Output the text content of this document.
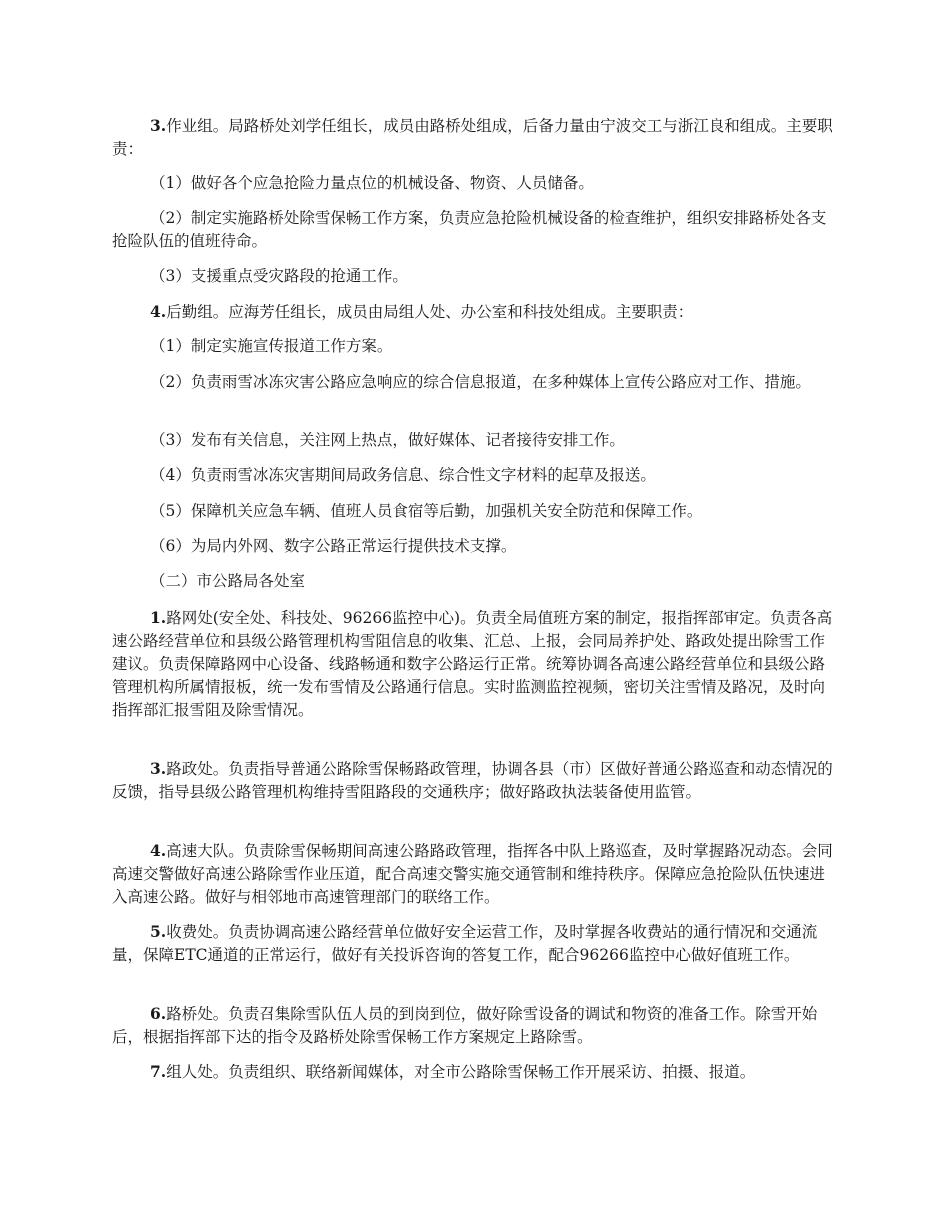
3.作业组。局路桥处刘学任组长，成员由路桥处组成，后备力量由宁波交工与浙江良和组成。主要职责：

（1）做好各个应急抢险力量点位的机械设备、物资、人员储备。

（2）制定实施路桥处除雪保畅工作方案，负责应急抢险机械设备的检查维护，组织安排路桥处各支抢险队伍的值班待命。

（3）支援重点受灾路段的抢通工作。

4.后勤组。应海芳任组长，成员由局组人处、办公室和科技处组成。主要职责：

（1）制定实施宣传报道工作方案。

（2）负责雨雪冰冻灾害公路应急响应的综合信息报道，在多种媒体上宣传公路应对工作、措施。

（3）发布有关信息，关注网上热点，做好媒体、记者接待安排工作。

（4）负责雨雪冰冻灾害期间局政务信息、综合性文字材料的起草及报送。

（5）保障机关应急车辆、值班人员食宿等后勤，加强机关安全防范和保障工作。

（6）为局内外网、数字公路正常运行提供技术支撑。

（二）市公路局各处室

1.路网处(安全处、科技处、96266监控中心)。负责全局值班方案的制定，报指挥部审定。负责各高速公路经营单位和县级公路管理机构雪阻信息的收集、汇总、上报，会同局养护处、路政处提出除雪工作建议。负责保障路网中心设备、线路畅通和数字公路运行正常。统筹协调各高速公路经营单位和县级公路管理机构所属情报板，统一发布雪情及公路通行信息。实时监测监控视频，密切关注雪情及路况，及时向指挥部汇报雪阻及除雪情况。

3.路政处。负责指导普通公路除雪保畅路政管理，协调各县（市）区做好普通公路巡查和动态情况的反馈，指导县级公路管理机构维持雪阻路段的交通秩序；做好路政执法装备使用监管。

4.高速大队。负责除雪保畅期间高速公路路政管理，指挥各中队上路巡查，及时掌握路况动态。会同高速交警做好高速公路除雪作业压道，配合高速交警实施交通管制和维持秩序。保障应急抢险队伍快速进入高速公路。做好与相邻地市高速管理部门的联络工作。

5.收费处。负责协调高速公路经营单位做好安全运营工作，及时掌握各收费站的通行情况和交通流量，保障ETC通道的正常运行，做好有关投诉咨询的答复工作，配合96266监控中心做好值班工作。

6.路桥处。负责召集除雪队伍人员的到岗到位，做好除雪设备的调试和物资的准备工作。除雪开始后，根据指挥部下达的指令及路桥处除雪保畅工作方案规定上路除雪。

7.组人处。负责组织、联络新闻媒体，对全市公路除雪保畅工作开展采访、拍摄、报道。
